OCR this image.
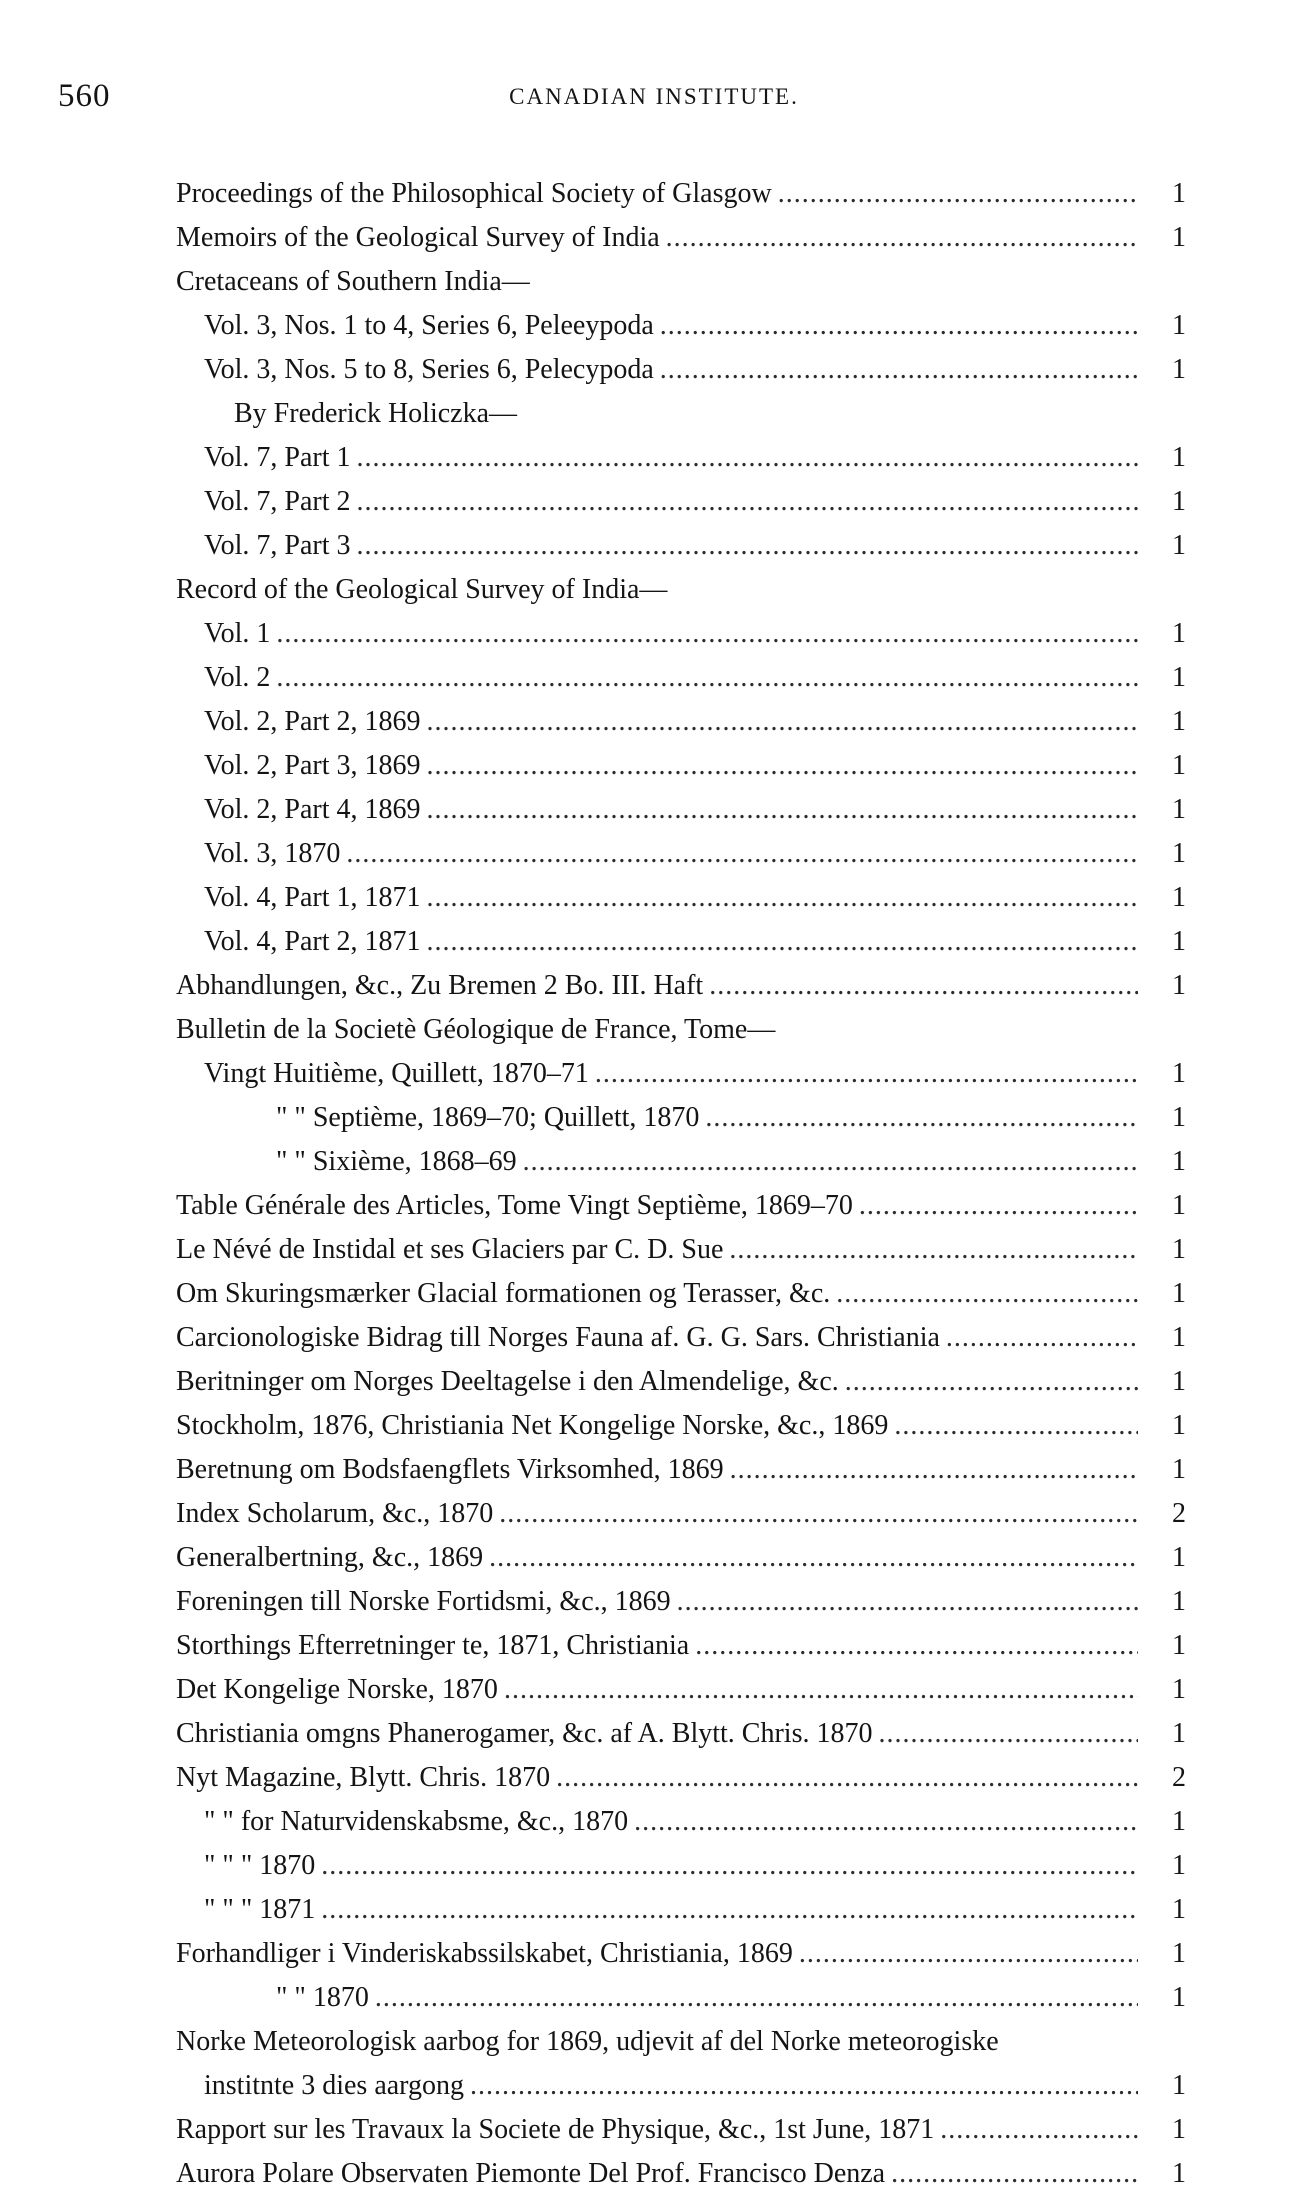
560	CANADIAN INSTITUTE.
Proceedings of the Philosophical Society of Glasgow . . .	1
Memoirs of the Geological Survey of India . . .	1
Cretaceans of Southern India—
Vol. 3, Nos. 1 to 4, Series 6, Peleeypoda . . .	1
Vol. 3, Nos. 5 to 8, Series 6, Pelecypoda . . .	1
By Frederick Holiczka—
Vol. 7, Part 1 . . .	1
Vol. 7, Part 2 . . .	1
Vol. 7, Part 3 . . .	1
Record of the Geological Survey of India—
Vol. 1 . . .	1
Vol. 2 . . .	1
Vol. 2, Part 2, 1869 . . .	1
Vol. 2, Part 3, 1869 . . .	1
Vol. 2, Part 4, 1869 . . .	1
Vol. 3, 1870 . . .	1
Vol. 4, Part 1, 1871 . . .	1
Vol. 4, Part 2, 1871 . . .	1
Abhandlungen, &c., Zu Bremen 2 Bo. III. Haft . . .	1
Bulletin de la Societè Géologique de France, Tome—
Vingt Huitième, Quillett, 1870–71 . . .	1
" " Septième, 1869–70; Quillett, 1870 . . .	1
" " Sixième, 1868–69 . . .	1
Table Générale des Articles, Tome Vingt Septième, 1869–70 . . .	1
Le Névé de Instidal et ses Glaciers par C. D. Sue . . .	1
Om Skuringsmærker Glacial formationen og Terasser, &c. . . .	1
Carcionologiske Bidrag till Norges Fauna af. G. G. Sars. Christiania . . .	1
Beritninger om Norges Deeltagelse i den Almendelige, &c. . . .	1
Stockholm, 1876, Christiania Net Kongelige Norske, &c., 1869 . . .	1
Beretnung om Bodsfaengflets Virksomhed, 1869 . . .	1
Index Scholarum, &c., 1870 . . .	2
Generalbertning, &c., 1869 . . .	1
Foreningen till Norske Fortidsmi, &c., 1869 . . .	1
Storthings Efterretninger te, 1871, Christiania . . .	1
Det Kongelige Norske, 1870 . . .	1
Christiania omgns Phanerogamer, &c. af A. Blytt. Chris. 1870 . . .	1
Nyt Magazine, Blytt. Chris. 1870 . . .	2
" " for Naturvidenskabsme, &c., 1870 . . .	1
" " " 1870 . . .	1
" " " 1871 . . .	1
Forhandliger i Vinderiskabssilskabet, Christiania, 1869 . . .	1
" " 1870 . . .	1
Norke Meteorologisk aarbog for 1869, udjevit af del Norke meteorogiske
institnte 3 dies aargong . . .	1
Rapport sur les Travaux la Societe de Physique, &c., 1st June, 1871 . . .	1
Aurora Polare Observaten Piemonte Del Prof. Francisco Denza . . .	1
